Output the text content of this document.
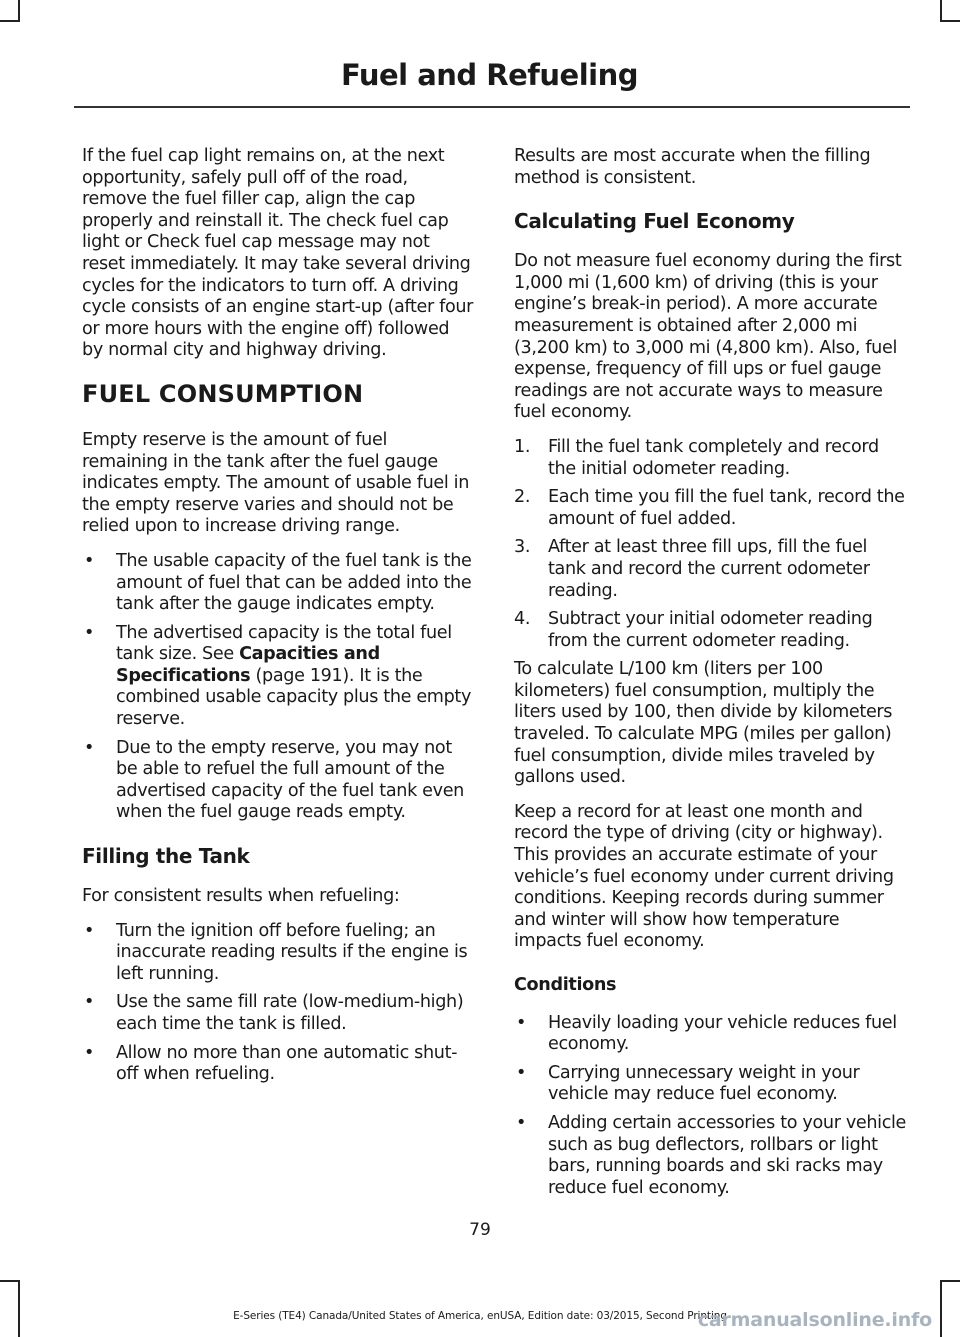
Fuel and Refueling

If the fuel cap light remains on, at the next opportunity, safely pull off of the road, remove the fuel filler cap, align the cap properly and reinstall it. The check fuel cap light or Check fuel cap message may not reset immediately. It may take several driving cycles for the indicators to turn off. A driving cycle consists of an engine start-up (after four or more hours with the engine off) followed by normal city and highway driving.

FUEL CONSUMPTION

Empty reserve is the amount of fuel remaining in the tank after the fuel gauge indicates empty. The amount of usable fuel in the empty reserve varies and should not be relied upon to increase driving range.

• The usable capacity of the fuel tank is the amount of fuel that can be added into the tank after the gauge indicates empty.
• The advertised capacity is the total fuel tank size. See Capacities and Specifications (page 191). It is the combined usable capacity plus the empty reserve.
• Due to the empty reserve, you may not be able to refuel the full amount of the advertised capacity of the fuel tank even when the fuel gauge reads empty.
Filling the Tank

For consistent results when refueling:

• Turn the ignition off before fueling; an inaccurate reading results if the engine is left running.
• Use the same fill rate (low-medium-high) each time the tank is filled.
• Allow no more than one automatic shut-off when refueling.

Results are most accurate when the filling method is consistent.

Calculating Fuel Economy

Do not measure fuel economy during the first 1,000 mi (1,600 km) of driving (this is your engine’s break-in period). A more accurate measurement is obtained after 2,000 mi (3,200 km) to 3,000 mi (4,800 km). Also, fuel expense, frequency of fill ups or fuel gauge readings are not accurate ways to measure fuel economy.

1. Fill the fuel tank completely and record the initial odometer reading.
2. Each time you fill the fuel tank, record the amount of fuel added.
3. After at least three fill ups, fill the fuel tank and record the current odometer reading.
4. Subtract your initial odometer reading from the current odometer reading.

To calculate L/100 km (liters per 100 kilometers) fuel consumption, multiply the liters used by 100, then divide by kilometers traveled. To calculate MPG (miles per gallon) fuel consumption, divide miles traveled by gallons used.

Keep a record for at least one month and record the type of driving (city or highway). This provides an accurate estimate of your vehicle’s fuel economy under current driving conditions. Keeping records during summer and winter will show how temperature impacts fuel economy.

Conditions
• Heavily loading your vehicle reduces fuel economy.
• Carrying unnecessary weight in your vehicle may reduce fuel economy.
• Adding certain accessories to your vehicle such as bug deflectors, rollbars or light bars, running boards and ski racks may reduce fuel economy.
79
E-Series (TE4) Canada/United States of America, enUSA, Edition date: 03/2015, Second Printing
carmanualsonline.info
